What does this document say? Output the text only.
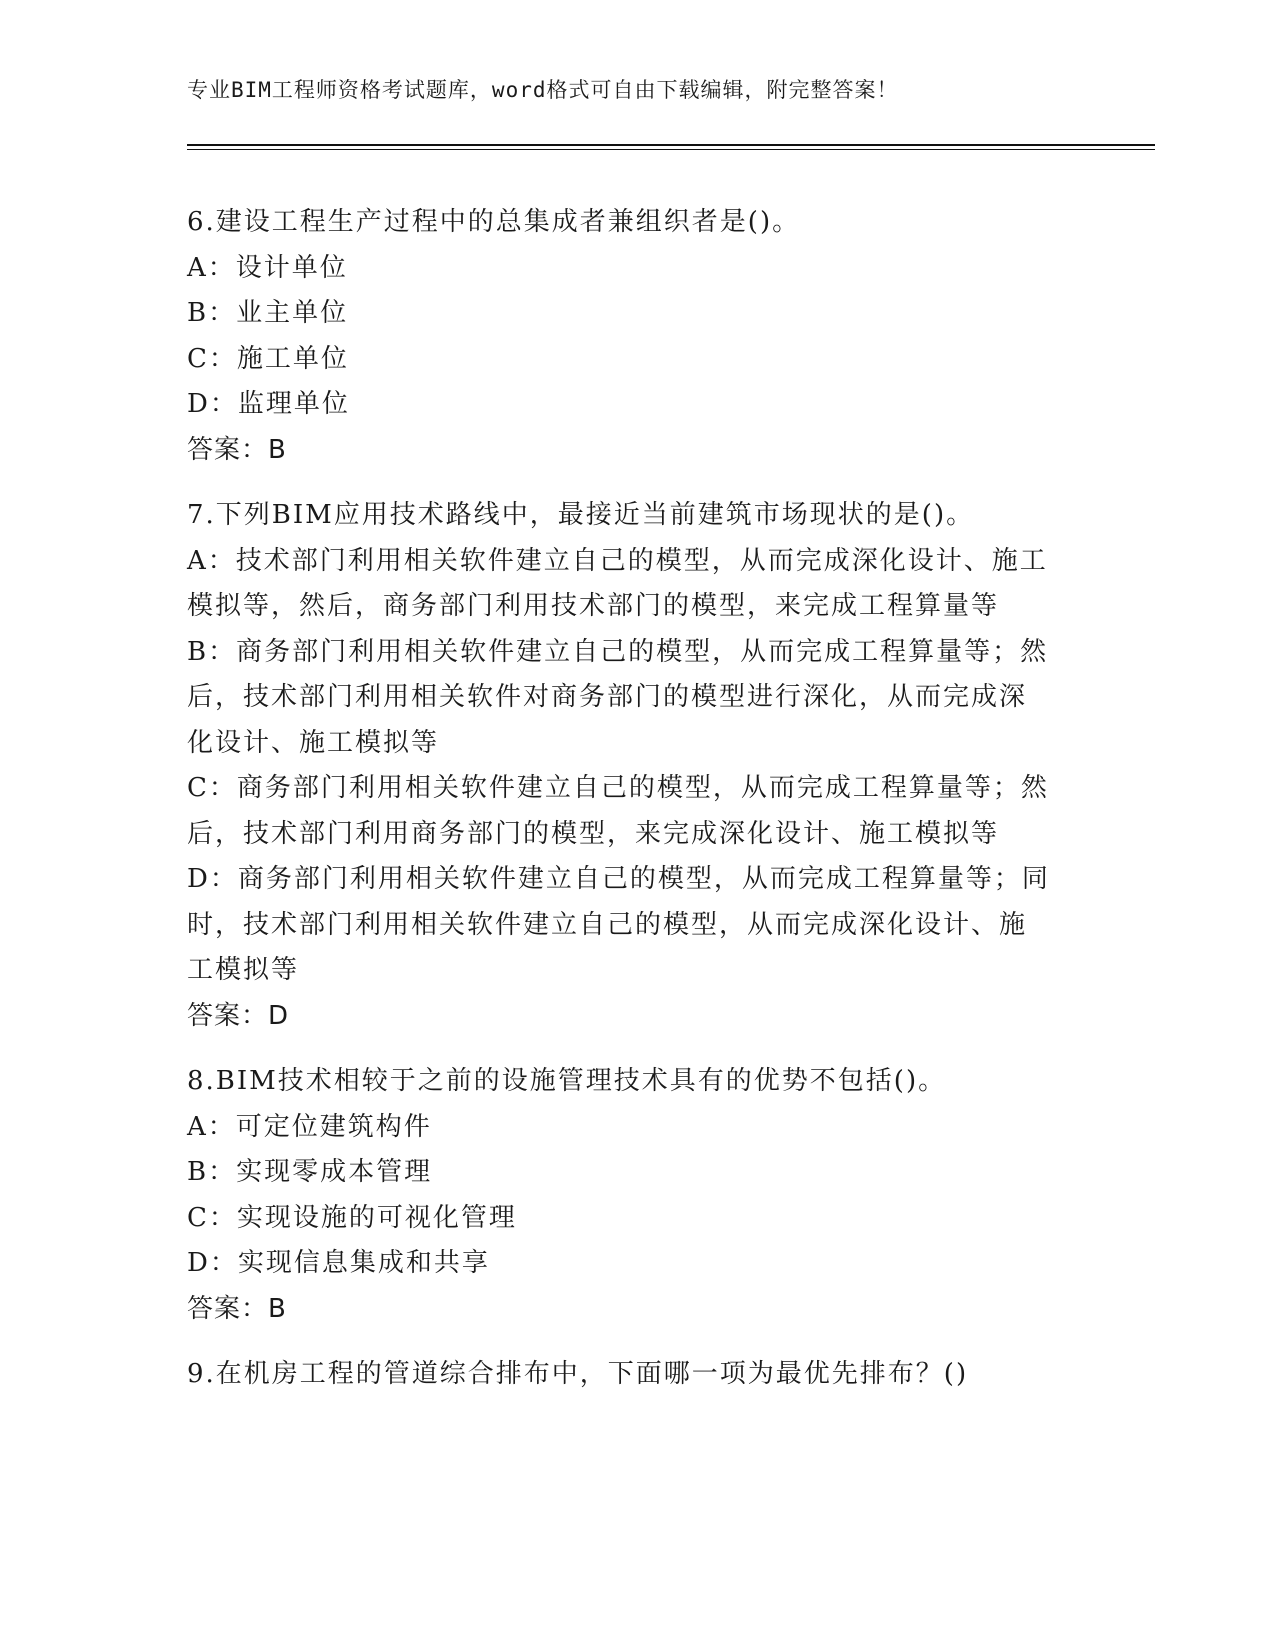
专业BIM工程师资格考试题库，word格式可自由下载编辑，附完整答案！
6.建设工程生产过程中的总集成者兼组织者是()。
A：设计单位
B：业主单位
C：施工单位
D：监理单位
答案：B
7.下列BIM应用技术路线中，最接近当前建筑市场现状的是()。
A：技术部门利用相关软件建立自己的模型，从而完成深化设计、施工
模拟等，然后，商务部门利用技术部门的模型，来完成工程算量等
B：商务部门利用相关软件建立自己的模型，从而完成工程算量等；然
后，技术部门利用相关软件对商务部门的模型进行深化，从而完成深
化设计、施工模拟等
C：商务部门利用相关软件建立自己的模型，从而完成工程算量等；然
后，技术部门利用商务部门的模型，来完成深化设计、施工模拟等
D：商务部门利用相关软件建立自己的模型，从而完成工程算量等；同
时，技术部门利用相关软件建立自己的模型，从而完成深化设计、施
工模拟等
答案：D
8.BIM技术相较于之前的设施管理技术具有的优势不包括()。
A：可定位建筑构件
B：实现零成本管理
C：实现设施的可视化管理
D：实现信息集成和共享
答案：B
9.在机房工程的管道综合排布中，下面哪一项为最优先排布？()
